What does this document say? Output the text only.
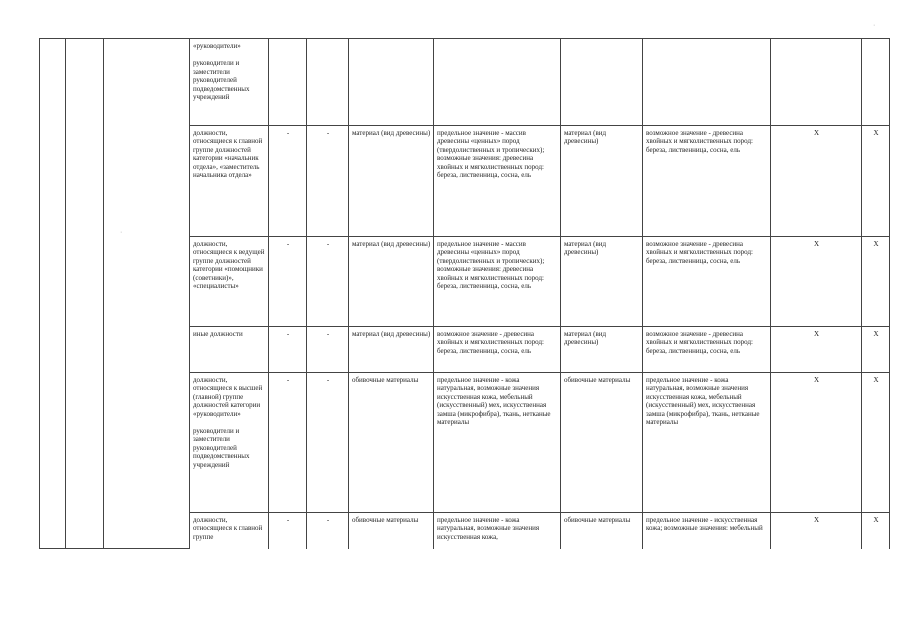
·
·

			«руководители»
руководители и заместители руководителей подведомственных учреждений								

			должности, относящиеся к главной группе должностей категории «начальник отдела», «заместитель начальника отдела»	-	-	материал (вид древесины)	предельное значение - массив древесины «ценных» пород (твердолиственных и тропических); возможные значения: древесина хвойных и мягколиственных пород: береза, лиственница, сосна, ель	материал (вид древесины)	возможное значение - древесина хвойных и мягколиственных пород: береза, лиственница, сосна, ель	X	X

			должности, относящиеся к ведущей группе должностей категории «помощники (советники)», «специалисты»	-	-	материал (вид древесины)	предельное значение - массив древесины «ценных» пород (твердолиственных и тропических); возможные значения: древесина хвойных и мягколиственных пород: береза, лиственница, сосна, ель	материал (вид древесины)	возможное значение - древесина хвойных и мягколиственных пород: береза, лиственница, сосна, ель	X	X

			иные должности	-	-	материал (вид древесины)	возможное значение - древесина хвойных и мягколиственных пород: береза, лиственница, сосна, ель	материал (вид древесины)	возможное значение - древесина хвойных и мягколиственных пород: береза, лиственница, сосна, ель	X	X

			должности, относящиеся к высшей (главной) группе должностей категории «руководители»
руководители и заместители руководителей подведомственных учреждений	-	-	обивочные материалы	предельное значение - кожа натуральная, возможные значения искусственная кожа, мебельный (искусственный) мех, искусственная замша (микрофибра), ткань, нетканые материалы	обивочные материалы	предельное значение - кожа натуральная, возможные значения искусственная кожа, мебельный (искусственный) мех, искусственная замша (микрофибра), ткань, нетканые материалы	X	X

			должности, относящиеся к главной группе	-	-	обивочные материалы	предельное значение - кожа натуральная, возможные значения искусственная кожа,	обивочные материалы	предельное значение - искусственная кожа; возможные значения: мебельный	X	X
